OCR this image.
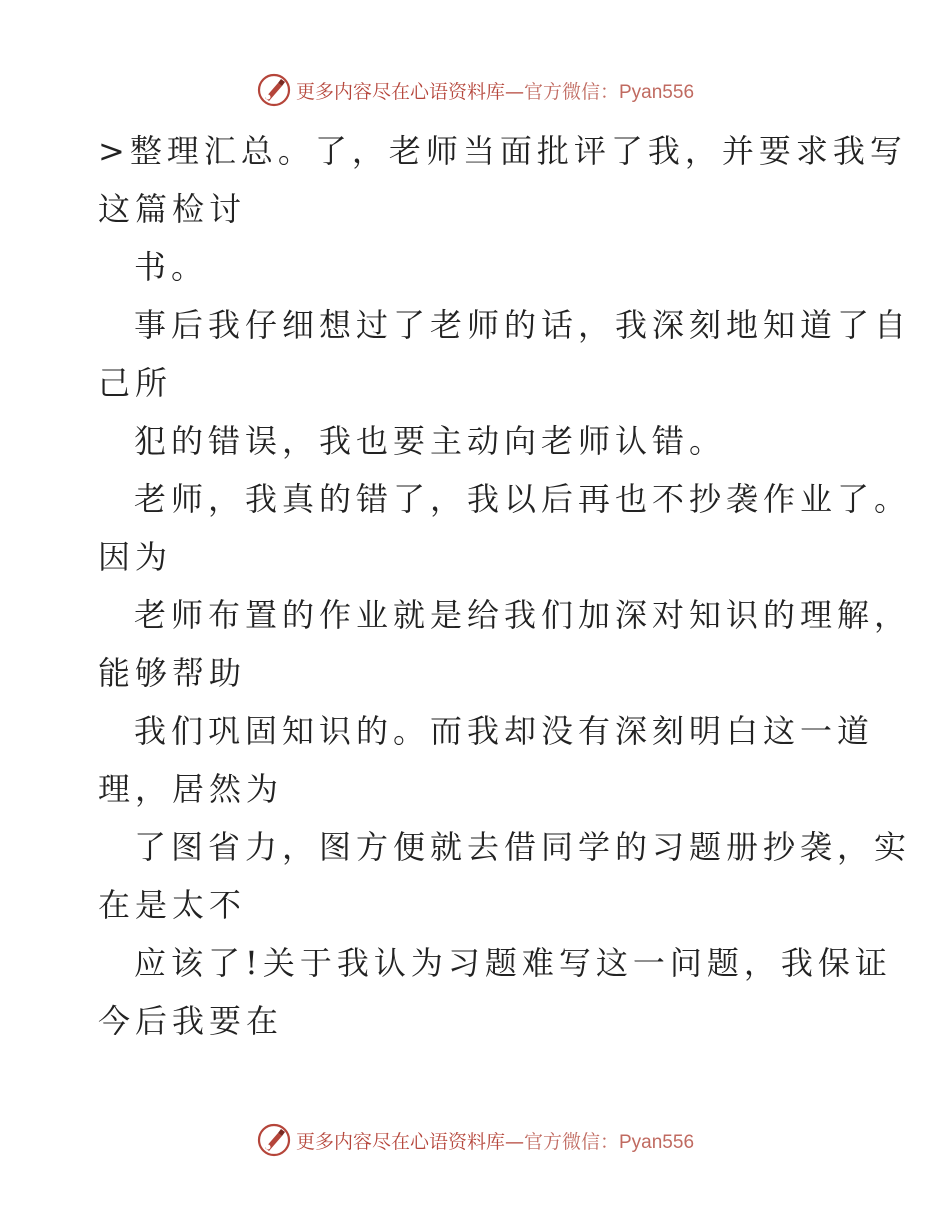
更多内容尽在心语资料库—官方微信：Pyan556
>整理汇总。了，老师当面批评了我，并要求我写
这篇检讨
书。
事后我仔细想过了老师的话，我深刻地知道了自
己所
犯的错误，我也要主动向老师认错。
老师，我真的错了，我以后再也不抄袭作业了。
因为
老师布置的作业就是给我们加深对知识的理解，
能够帮助
我们巩固知识的。而我却没有深刻明白这一道
理，居然为
了图省力，图方便就去借同学的习题册抄袭，实
在是太不
应该了!关于我认为习题难写这一问题，我保证
今后我要在
更多内容尽在心语资料库—官方微信：Pyan556
